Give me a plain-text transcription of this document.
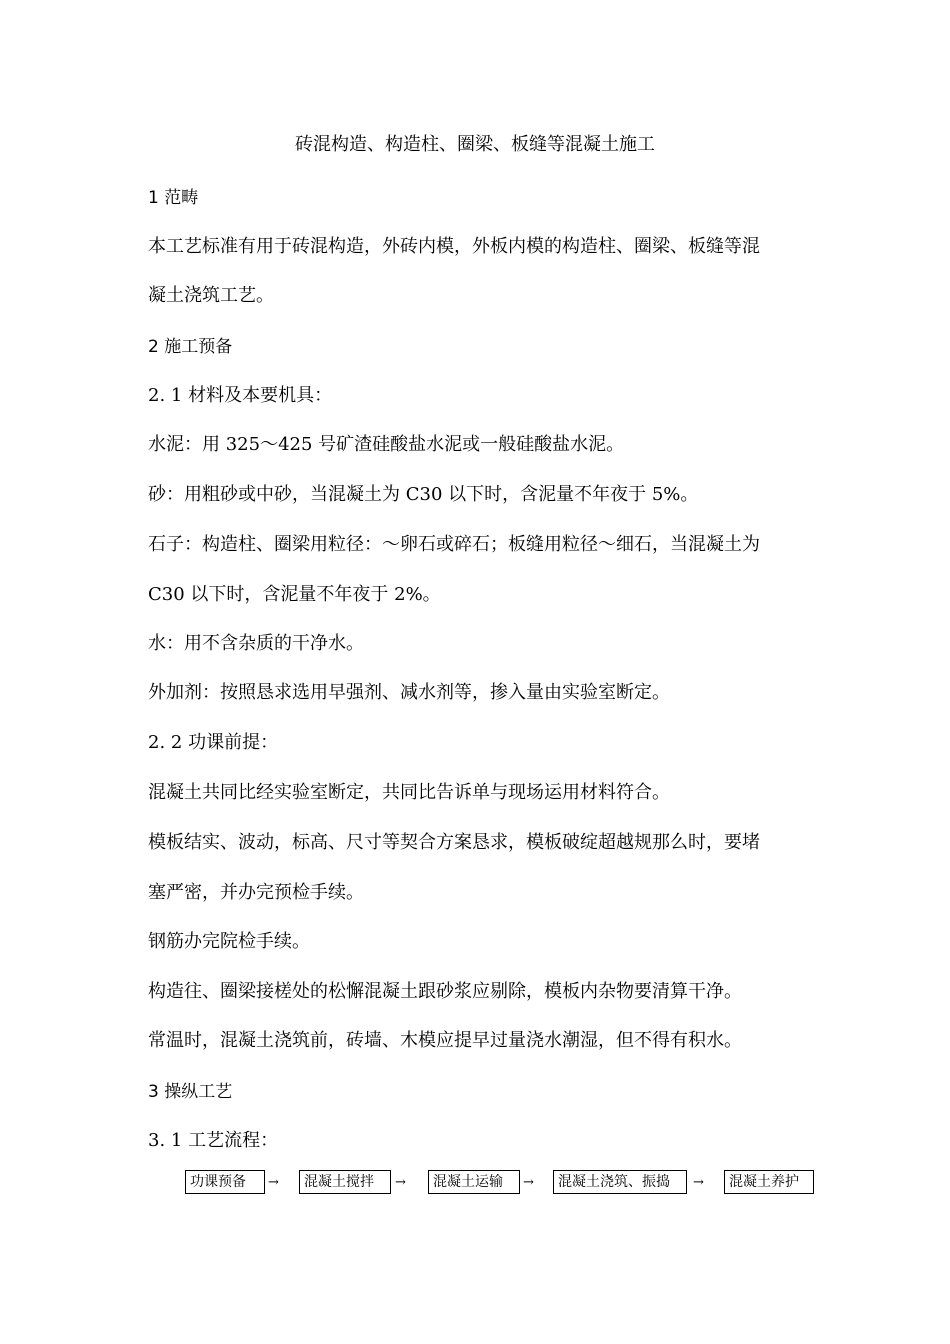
砖混构造、构造柱、圈梁、板缝等混凝土施工
1 范畴
本工艺标准有用于砖混构造，外砖内模，外板内模的构造柱、圈梁、板缝等混
凝土浇筑工艺。
2 施工预备
2. 1 材料及本要机具：
水泥：用 325～425 号矿渣硅酸盐水泥或一般硅酸盐水泥。
砂：用粗砂或中砂，当混凝土为 C30 以下时，含泥量不年夜于 5%。
石子：构造柱、圈梁用粒径：～卵石或碎石；板缝用粒径～细石，当混凝土为
C30 以下时，含泥量不年夜于 2%。
水：用不含杂质的干净水。
外加剂：按照恳求选用早强剂、减水剂等，掺入量由实验室断定。
2. 2 功课前提：
混凝土共同比经实验室断定，共同比告诉单与现场运用材料符合。
模板结实、波动，标高、尺寸等契合方案恳求，模板破绽超越规那么时，要堵
塞严密，并办完预检手续。
钢筋办完院检手续。
构造往、圈梁接槎处的松懈混凝土跟砂浆应剔除，模板内杂物要清算干净。
常温时，混凝土浇筑前，砖墙、木模应提早过量浇水潮湿，但不得有积水。
3 操纵工艺
3. 1 工艺流程：
功课预备	→	混凝土搅拌	→	混凝土运输	→	混凝土浇筑、振捣	→	混凝土养护
